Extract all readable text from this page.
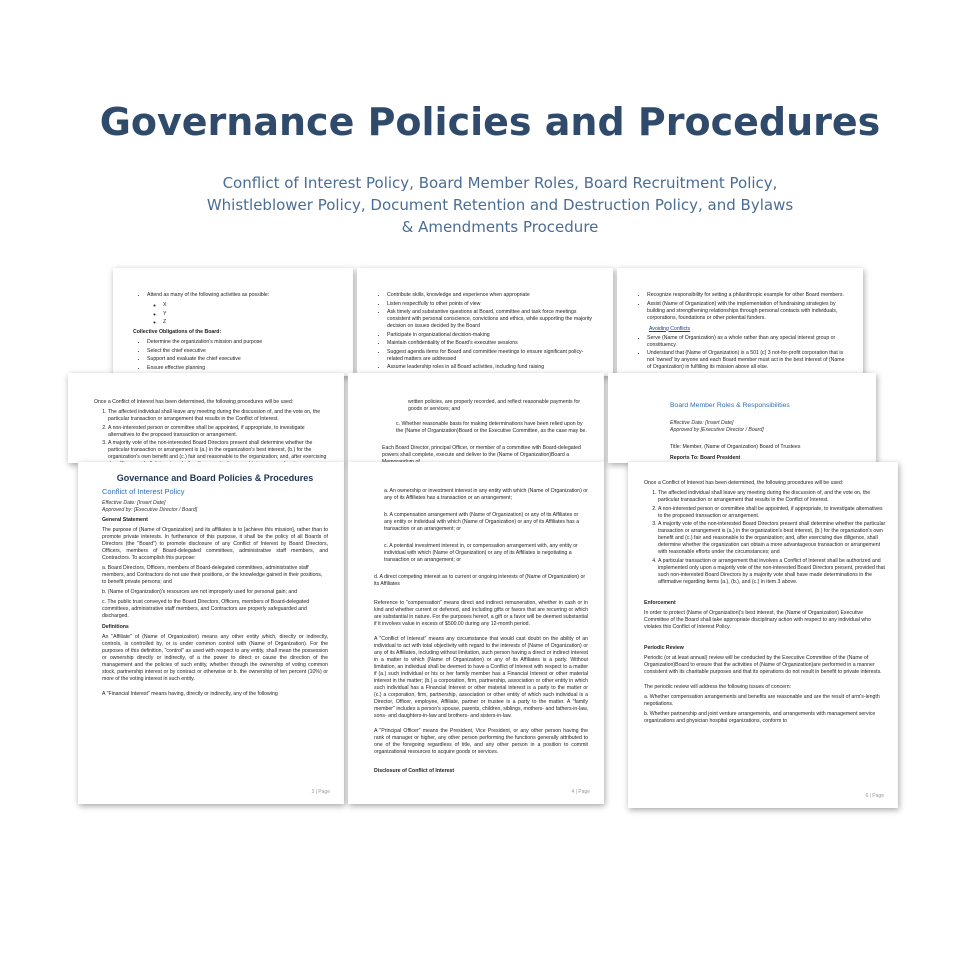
Governance Policies and Procedures

Conflict of Interest Policy, Board Member Roles, Board Recruitment Policy, Whistleblower Policy, Document Retention and Destruction Policy, and Bylaws & Amendments Procedure

• Attend as many of the following activities as possible:
◦ X
◦ Y
◦ Z

Collective Obligations of the Board:

• Determine the organization's mission and purpose
• Select the chief executive
• Support and evaluate the chief executive
• Ensure effective planning
• Contribute skills, knowledge and experience when appropriate
• Listen respectfully to other points of view
• Ask timely and substantive questions at Board, committee and task force meetings consistent with personal conscience, convictions and ethics, while supporting the majority decision on issues decided by the Board
• Participate in organizational decision-making
• Maintain confidentiality of the Board's executive sessions
• Suggest agenda items for Board and committee meetings to ensure significant policy-related matters are addressed
• Assume leadership roles in all Board activities, including fund raising
• Recognize responsibility for setting a philanthropic example for other Board members.
• Assist (Name of Organization) with the implementation of fundraising strategies by building and strengthening relationships through personal contacts with individuals, corporations, foundations or other potential funders.

Avoiding Conflicts

• Serve (Name of Organization) as a whole rather than any special interest group or constituency.
• Understand that (Name of Organization) is a 501 (c) 3 not-for-profit corporation that is not 'owned' by anyone and each Board member must act in the best interest of (Name of Organization) in fulfilling its mission above all else.

Once a Conflict of Interest has been determined, the following procedures will be used:

1. The affected individual shall leave any meeting during the discussion of, and the vote on, the particular transaction or arrangement that results in the Conflict of Interest.
2. A non-interested person or committee shall be appointed, if appropriate, to investigate alternatives to the proposed transaction or arrangement.
3. A majority vote of the non-interested Board Directors present shall determine whether the particular transaction or arrangement is (a.) in the organization's best interest, (b.) for the organization's own benefit and (c.) fair and reasonable to the organization; and, after exercising

written policies, are properly recorded, and reflect reasonable payments for goods or services; and

c. Whether reasonable basis for making determinations have been relied upon by the (Name of Organization)Board or the Executive Committee, as the case may be.

Each Board Director, principal Officer, or member of a committee with Board-delegated powers shall complete, execute and deliver to the (Name of Organization)Board a

Board Member Roles & Responsibilities

Effective Date: [Insert Date]

Approved by [Executive Director / Board]

Title: Member, (Name of Organization) Board of Trustees

Reports To: Board President

Governance and Board Policies & Procedures

Conflict of Interest Policy

Effective Date: [Insert Date]

Approved by: [Executive Director / Board]

General Statement

The purpose of (Name of Organization) and its affiliates is to [achieve this mission], rather than to promote private interests. In furtherance of this purpose, it shall be the policy of all Boards of Directors (the "Board") to promote disclosure of any Conflict of Interest by Board Directors, Officers, members of Board-delegated committees, administrative staff members, and Contractors. To accomplish this purpose:

a. Board Directors, Officers, members of Board-delegated committees, administrative staff members, and Contractors do not use their positions, or the knowledge gained in their positions, to benefit private persons; and

b. (Name of Organization)'s resources are not improperly used for personal gain; and

c. The public trust conveyed to the Board Directors, Officers, members of Board-delegated committees, administrative staff members, and Contractors are properly safeguarded and discharged.

Definitions

An "Affiliate" of (Name of Organization) means any other entity which, directly or indirectly, controls, is controlled by, or is under common control with (Name of Organization). For the purposes of this definition, "control" as used with respect to any entity, shall mean the possession or ownership directly or indirectly, of a the power to direct or cause the direction of the management and the policies of such entity, whether through the ownership of voting common stock, partnership interest or by contract or otherwise or b. the ownership of ten percent (10%) or more of the voting interest in such entity.

A "Financial Interest" means having, directly or indirectly, any of the following

3 | Page

a. An ownership or investment interest in any entity with which (Name of Organization) or any of its Affiliates has a transaction or an arrangement;

b. A compensation arrangement with (Name of Organization) or any of its Affiliates or any entity or individual with which (Name of Organization) or any of its Affiliates has a transaction or an arrangement; or

c. A potential investment interest in, or compensation arrangement with, any entity or individual with which (Name of Organization) or any of its Affiliates is negotiating a transaction or an arrangement; or

d. A direct competing interest as to current or ongoing interests of (Name of Organization) or its Affiliates

Reference to "compensation" means direct and indirect remuneration, whether in cash or in kind and whether current or deferred, and including gifts or favors that are recurring or which are substantial in nature. For the purposes hereof, a gift or a favor will be deemed substantial if it involves value in excess of $500.00 during any 12-month period.

A "Conflict of Interest" means any circumstance that would cast doubt on the ability of an individual to act with total objectivity with regard to the interests of (Name of Organization) or any of its Affiliates, including without limitation, such person having a direct or indirect interest in a matter to which (Name of Organization) or any of its Affiliates is a party. Without limitation, an individual shall be deemed to have a Conflict of Interest with respect to a matter if (a.) such individual or his or her family member has a Financial Interest or other material interest in the matter; (b.) a corporation, firm, partnership, association or other entity in which such individual has a Financial Interest or other material interest is a party to the matter or (c.) a corporation, firm, partnership, association or other entity of which such individual is a Director, Officer, employee, Affiliate, partner or trustee is a party to the matter. A "family member" includes a person's spouse, parents, children, siblings, mothers- and fathers-in-law, sons- and daughters-in-law and brothers- and sisters-in-law.

A "Principal Officer" means the President, Vice President, or any other person having the rank of manager or higher, any other person performing the functions generally attributed to one of the foregoing regardless of title, and any other person in a position to commit organizational resources to acquire goods or services.

Disclosure of Conflict of Interest

4 | Page

Once a Conflict of Interest has been determined, the following procedures will be used:

1. The affected individual shall leave any meeting during the discussion of, and the vote on, the particular transaction or arrangement that results in the Conflict of Interest.
2. A non-interested person or committee shall be appointed, if appropriate, to investigate alternatives to the proposed transaction or arrangement.
3. A majority vote of the non-interested Board Directors present shall determine whether the particular transaction or arrangement is (a.) in the organization's best interest, (b.) for the organization's own benefit and (c.) fair and reasonable to the organization; and, after exercising due diligence, shall determine whether the organization can obtain a more advantageous transaction or arrangement with reasonable efforts under the circumstances; and
4. A particular transaction or arrangement that involves a Conflict of Interest shall be authorized and implemented only upon a majority vote of the non-interested Board Directors present, provided that such non-interested Board Directors by a majority vote shall have made determinations in the affirmative regarding items (a.), (b.), and (c.) in item 3 above.

Enforcement

In order to protect (Name of Organization)'s best interest, the (Name of Organization) Executive Committee of the Board shall take appropriate disciplinary action with respect to any individual who violates this Conflict of Interest Policy.

Periodic Review

Periodic (or at least annual) review will be conducted by the Executive Committee of the (Name of Organization)Board to ensure that the activities of (Name of Organization)are performed in a manner consistent with its charitable purposes and that its operations do not result in benefit to private interests.

The periodic review will address the following issues of concern:

a. Whether compensation arrangements and benefits are reasonable and are the result of arm's-length negotiations.

b. Whether partnership and joint venture arrangements, and arrangements with management service organizations and physician hospital organizations, conform to

6 | Page
